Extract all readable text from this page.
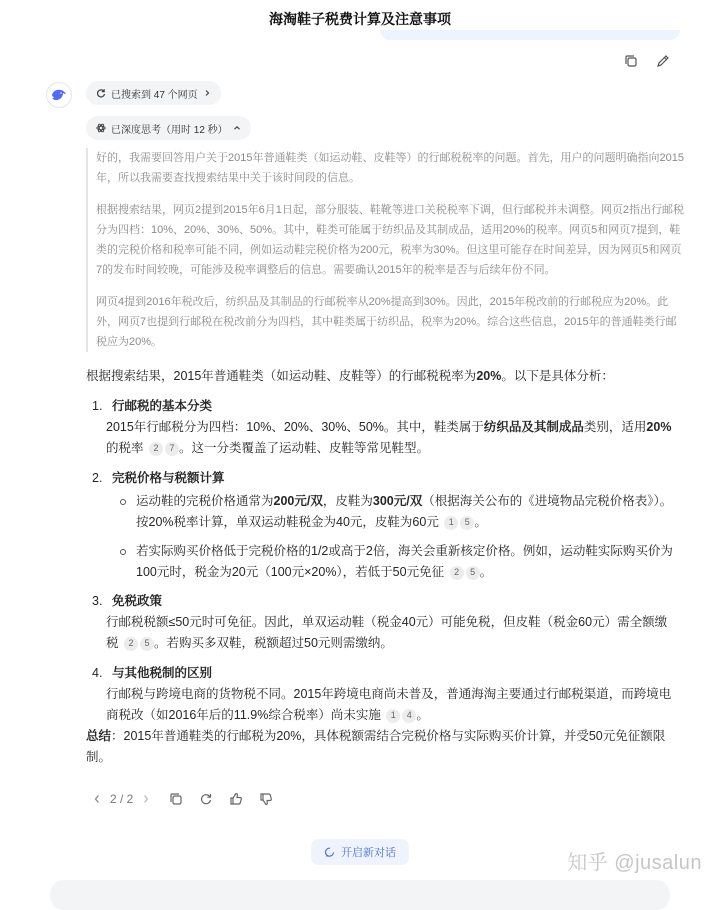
海淘鞋子税费计算及注意事项
已搜索到 47 个网页
已深度思考（用时 12 秒）

好的，我需要回答用户关于2015年普通鞋类（如运动鞋、皮鞋等）的行邮税税率的问题。首先，用户的问题明确指向2015年，所以我需要查找搜索结果中关于该时间段的信息。

根据搜索结果，网页2提到2015年6月1日起，部分服装、鞋靴等进口关税税率下调，但行邮税并未调整。网页2指出行邮税分为四档：10%、20%、30%、50%。其中，鞋类可能属于纺织品及其制成品，适用20%的税率。网页5和网页7提到，鞋类的完税价格和税率可能不同，例如运动鞋完税价格为200元，税率为30%。但这里可能存在时间差异，因为网页5和网页7的发布时间较晚，可能涉及税率调整后的信息。需要确认2015年的税率是否与后续年份不同。

网页4提到2016年税改后，纺织品及其制品的行邮税率从20%提高到30%。因此，2015年税改前的行邮税应为20%。此外，网页7也提到行邮税在税改前分为四档，其中鞋类属于纺织品，税率为20%。综合这些信息，2015年的普通鞋类行邮税应为20%。

根据搜索结果，2015年普通鞋类（如运动鞋、皮鞋等）的行邮税税率为20%。以下是具体分析：

1. 行邮税的基本分类
2015年行邮税分为四档：10%、20%、30%、50%。其中，鞋类属于纺织品及其制成品类别，适用20%的税率 2 7 。这一分类覆盖了运动鞋、皮鞋等常见鞋型。
2. 完税价格与税额计算
运动鞋的完税价格通常为200元/双，皮鞋为300元/双（根据海关公布的《进境物品完税价格表》）。按20%税率计算，单双运动鞋税金为40元，皮鞋为60元 1 5 。
若实际购买价格低于完税价格的1/2或高于2倍，海关会重新核定价格。例如，运动鞋实际购买价为100元时，税金为20元（100元×20%），若低于50元免征 2 5 。
3. 免税政策
行邮税税额≤50元时可免征。因此，单双运动鞋（税金40元）可能免税，但皮鞋（税金60元）需全额缴税 2 5 。若购买多双鞋，税额超过50元则需缴纳。
4. 与其他税制的区别
行邮税与跨境电商的货物税不同。2015年跨境电商尚未普及，普通海淘主要通过行邮税渠道，而跨境电商税改（如2016年后的11.9%综合税率）尚未实施 1 4 。

总结：2015年普通鞋类的行邮税为20%，具体税额需结合完税价格与实际购买价计算，并受50元免征额限制。

2 / 2
开启新对话	知乎 @jusalun
